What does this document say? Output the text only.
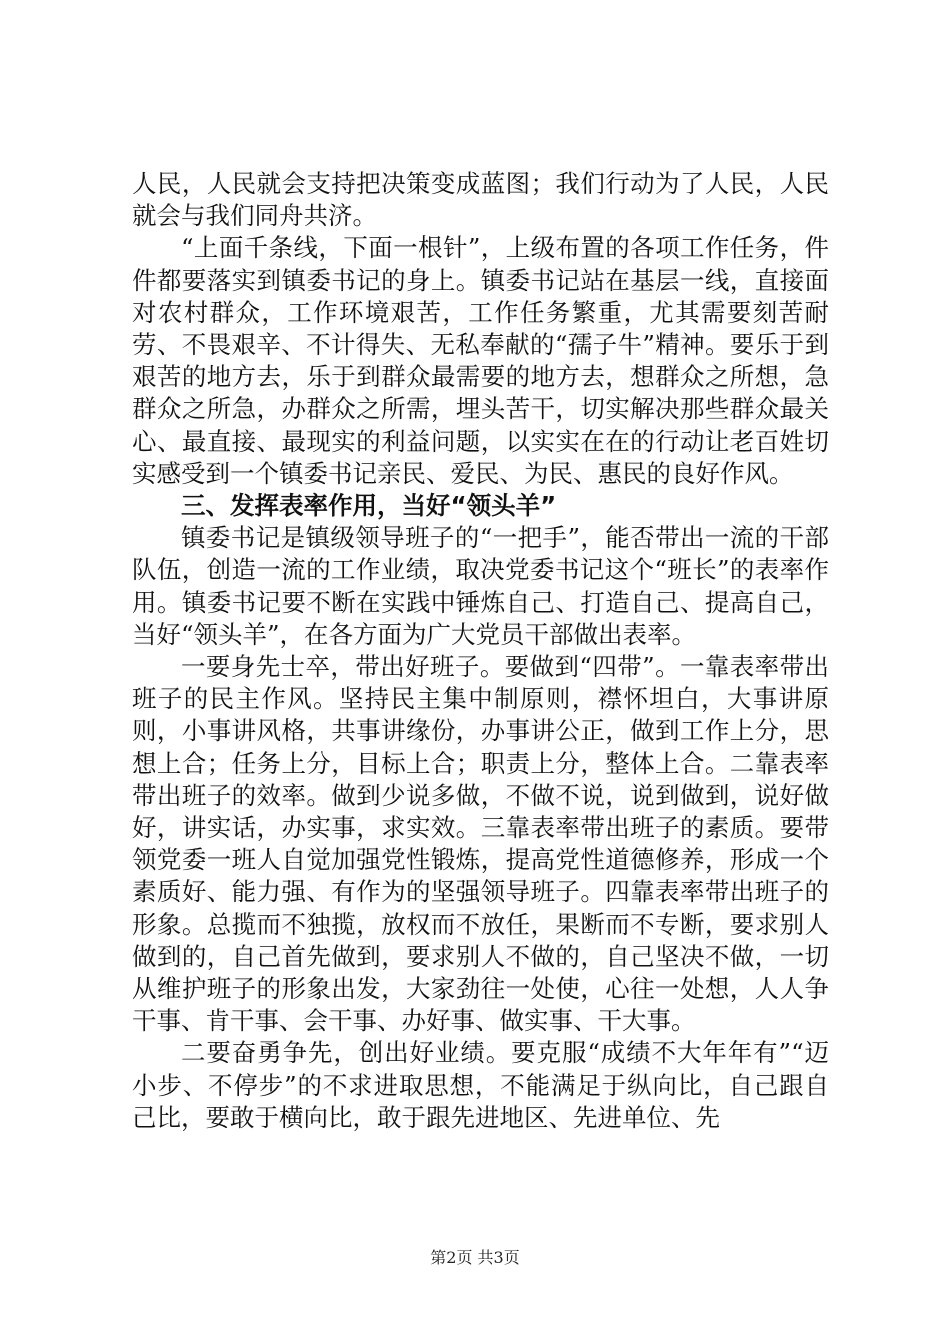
人民，人民就会支持把决策变成蓝图；我们行动为了人民，人民就会与我们同舟共济。

“上面千条线，下面一根针”，上级布置的各项工作任务，件件都要落实到镇委书记的身上。镇委书记站在基层一线，直接面对农村群众，工作环境艰苦，工作任务繁重，尤其需要刻苦耐劳、不畏艰辛、不计得失、无私奉献的“孺子牛”精神。要乐于到艰苦的地方去，乐于到群众最需要的地方去，想群众之所想，急群众之所急，办群众之所需，埋头苦干，切实解决那些群众最关心、最直接、最现实的利益问题，以实实在在的行动让老百姓切实感受到一个镇委书记亲民、爱民、为民、惠民的良好作风。

三、发挥表率作用，当好“领头羊”

镇委书记是镇级领导班子的“一把手”，能否带出一流的干部队伍，创造一流的工作业绩，取决党委书记这个“班长”的表率作用。镇委书记要不断在实践中锤炼自己、打造自己、提高自己，当好“领头羊”，在各方面为广大党员干部做出表率。

一要身先士卒，带出好班子。要做到“四带”。一靠表率带出班子的民主作风。坚持民主集中制原则，襟怀坦白，大事讲原则，小事讲风格，共事讲缘份，办事讲公正，做到工作上分，思想上合；任务上分，目标上合；职责上分，整体上合。二靠表率带出班子的效率。做到少说多做，不做不说，说到做到，说好做好，讲实话，办实事，求实效。三靠表率带出班子的素质。要带领党委一班人自觉加强党性锻炼，提高党性道德修养，形成一个素质好、能力强、有作为的坚强领导班子。四靠表率带出班子的形象。总揽而不独揽，放权而不放任，果断而不专断，要求别人做到的，自己首先做到，要求别人不做的，自己坚决不做，一切从维护班子的形象出发，大家劲往一处使，心往一处想，人人争干事、肯干事、会干事、办好事、做实事、干大事。

二要奋勇争先，创出好业绩。要克服“成绩不大年年有”“迈小步、不停步”的不求进取思想，不能满足于纵向比，自己跟自己比，要敢于横向比，敢于跟先进地区、先进单位、先

第2页 共3页
